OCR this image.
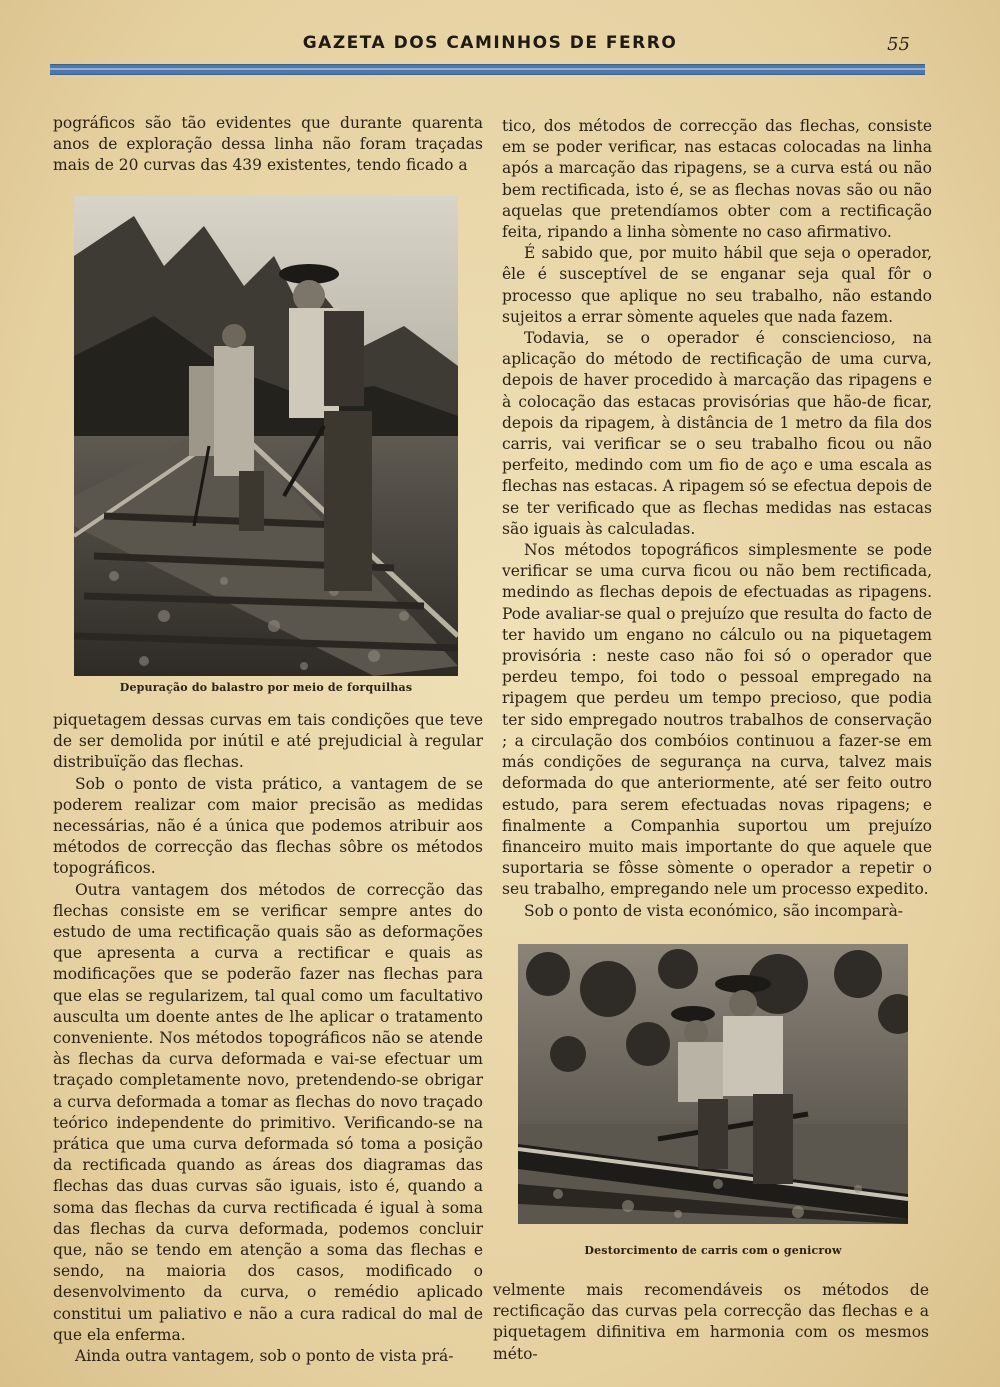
GAZETA DOS CAMINHOS DE FERRO	55

pográficos são tão evidentes que durante quarenta anos de exploração dessa linha não foram traçadas mais de 20 curvas das 439 existentes, tendo ficado a

Depuração do balastro por meio de forquilhas

piquetagem dessas curvas em tais condições que teve de ser demolida por inútil e até prejudicial à regular distribuïção das flechas.

Sob o ponto de vista prático, a vantagem de se poderem realizar com maior precisão as medidas necessárias, não é a única que podemos atribuir aos métodos de correcção das flechas sôbre os métodos topográficos.

Outra vantagem dos métodos de correcção das flechas consiste em se verificar sempre antes do estudo de uma rectificação quais são as deformações que apresenta a curva a rectificar e quais as modificações que se poderão fazer nas flechas para que elas se regularizem, tal qual como um facultativo ausculta um doente antes de lhe aplicar o tratamento conveniente. Nos métodos topográficos não se atende às flechas da curva deformada e vai-se efectuar um traçado completamente novo, pretendendo-se obrigar a curva deformada a tomar as flechas do novo traçado teórico independente do primitivo. Verificando-se na prática que uma curva deformada só toma a posição da rectificada quando as áreas dos diagramas das flechas das duas curvas são iguais, isto é, quando a soma das flechas da curva rectificada é igual à soma das flechas da curva deformada, podemos concluir que, não se tendo em atenção a soma das flechas e sendo, na maioria dos casos, modificado o desenvolvimento da curva, o remédio aplicado constitui um paliativo e não a cura radical do mal de que ela enferma.

Ainda outra vantagem, sob o ponto de vista prá-

tico, dos métodos de correcção das flechas, consiste em se poder verificar, nas estacas colocadas na linha após a marcação das ripagens, se a curva está ou não bem rectificada, isto é, se as flechas novas são ou não aquelas que pretendíamos obter com a rectificação feita, ripando a linha sòmente no caso afirmativo.

É sabido que, por muito hábil que seja o operador, êle é susceptível de se enganar seja qual fôr o processo que aplique no seu trabalho, não estando sujeitos a errar sòmente aqueles que nada fazem.

Todavia, se o operador é consciencioso, na aplicação do método de rectificação de uma curva, depois de haver procedido à marcação das ripagens e à colocação das estacas provisórias que hão-de ficar, depois da ripagem, à distância de 1 metro da fila dos carris, vai verificar se o seu trabalho ficou ou não perfeito, medindo com um fio de aço e uma escala as flechas nas estacas. A ripagem só se efectua depois de se ter verificado que as flechas medidas nas estacas são iguais às calculadas.

Nos métodos topográficos simplesmente se pode verificar se uma curva ficou ou não bem rectificada, medindo as flechas depois de efectuadas as ripagens. Pode avaliar-se qual o prejuízo que resulta do facto de ter havido um engano no cálculo ou na piquetagem provisória : neste caso não foi só o operador que perdeu tempo, foi todo o pessoal empregado na ripagem que perdeu um tempo precioso, que podia ter sido empregado noutros trabalhos de conservação ; a circulação dos combóios continuou a fazer-se em más condições de segurança na curva, talvez mais deformada do que anteriormente, até ser feito outro estudo, para serem efectuadas novas ripagens; e finalmente a Companhia suportou um prejuízo financeiro muito mais importante do que aquele que suportaria se fôsse sòmente o operador a repetir o seu trabalho, empregando nele um processo expedito.

Sob o ponto de vista económico, são incomparà-

Destorcimento de carris com o genicrow

velmente mais recomendáveis os métodos de rectificação das curvas pela correcção das flechas e a piquetagem difinitiva em harmonia com os mesmos méto-
